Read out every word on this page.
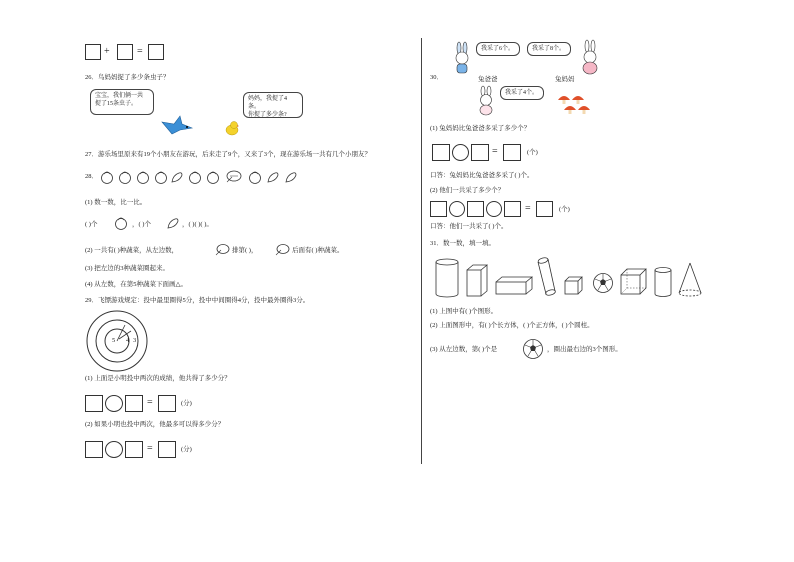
+	=
26．鸟妈妈捉了多少条虫子？
宝宝，我们俩一共
捉了15条虫子。
妈妈，我捉了4条。
你捉了多少条?
27．游乐场里原来有19个小朋友在游玩，后来走了9个，又来了3个，现在游乐场一共有几个小朋友？
28．
(1) 数一数，比一比。
( )个	，( )个	，( )( )( )。
(2) 一共有( )种蔬菜，从左边数，	排第( )，	后面有( )种蔬菜。
(3) 把左边的3种蔬菜圈起来。
(4) 从左数，在第5种蔬菜下面画△。
29．飞镖游戏规定：投中最里圈得5分，投中中间圈得4分，投中最外圈得3分。
5 4 3
(1) 上面是小明投中两次的成绩，他共得了多少分？
=	(分)
(2) 如果小明也投中两次，他最多可以得多少分？
=	(分)
30．
我采了6个。	我采了8个。
兔爸爸	兔妈妈
我采了4个。
(1) 兔妈妈比兔爸爸多采了多少个？
=	(个)
口答：兔妈妈比兔爸爸多采了( )个。
(2) 他们一共采了多少个？
=	(个)
口答：他们一共采了( )个。
31．数一数，填一填。
(1) 上图中有( )个图形。
(2) 上面图形中，有( )个长方体，( )个正方体，( )个圆柱。
(3) 从左边数，第( )个是	，圈出最右边的3个图形。
